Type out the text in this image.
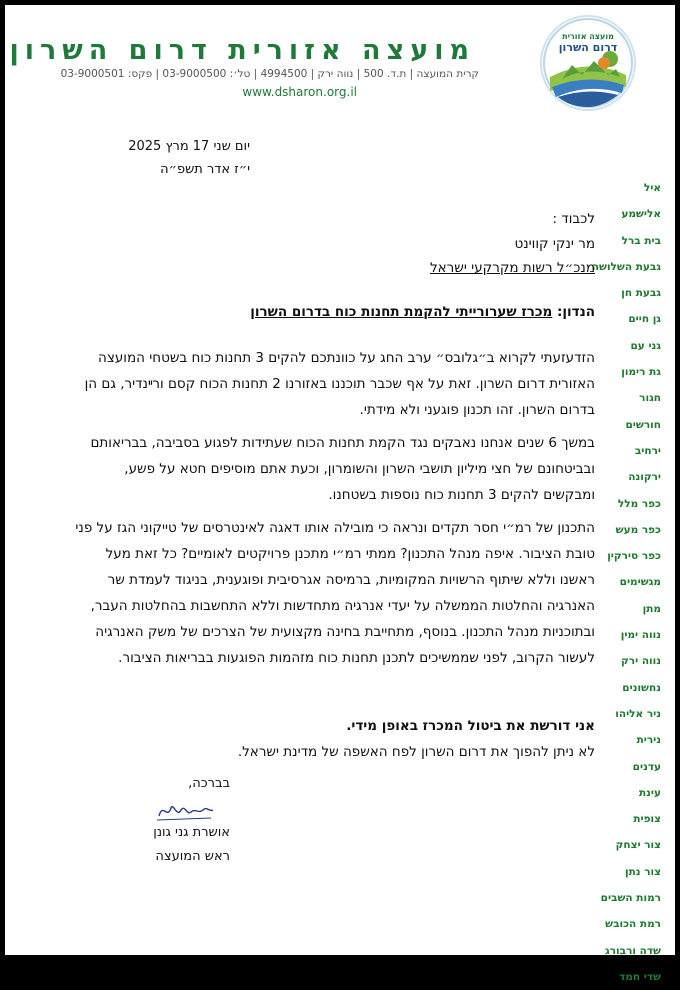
מועצה אזורית
דרום השרון
מועצה אזורית דרום השרון
קרית המועצה | ת.ד. 500 | נווה ירק | 4994500 | טל׳: 03-9000500 | פקס: 03-9000501
www.dsharon.org.il
יום שני 17 מרץ 2025
י״ז אדר תשפ״ה
איל
אלישמע
בית ברל
גבעת השלושה
גבעת חן
גן חיים
גני עם
גת רימון
חגור
חורשים
ירחיב
ירקונה
כפר מלל
כפר מעש
כפר סירקין
מגשימים
מתן
נווה ימין
נווה ירק
נחשונים
ניר אליהו
נירית
עדנים
עינת
צופית
צור יצחק
צור נתן
רמות השבים
רמת הכובש
שדה ורבורג
שדי חמד
לכבוד :
מר ינקי קווינט
מנכ״ל רשות מקרקעי ישראל
הנדון: מכרז שערורייתי להקמת תחנות כוח בדרום השרון
הזדעזעתי לקרוא ב״גלובס״ ערב החג על כוונתכם להקים 3 תחנות כוח בשטחי המועצה האזורית דרום השרון. זאת על אף שכבר תוכננו באזורנו 2 תחנות הכוח קסם ורײנדיר, גם הן בדרום השרון. זהו תכנון פוגעני ולא מידתי.
במשך 6 שנים אנחנו נאבקים נגד הקמת תחנות הכוח שעתידות לפגוע בסביבה, בבריאותם ובביטחונם של חצי מיליון תושבי השרון והשומרון, וכעת אתם מוסיפים חטא על פשע, ומבקשים להקים 3 תחנות כוח נוספות בשטחנו.
התכנון של רמ״י חסר תקדים ונראה כי מובילה אותו דאגה לאינטרסים של טייקוני הגז על פני טובת הציבור. איפה מנהל התכנון? ממתי רמ״י מתכנן פרויקטים לאומיים? כל זאת מעל ראשנו וללא שיתוף הרשויות המקומיות, ברמיסה אגרסיבית ופוגענית, בניגוד לעמדת שר האנרגיה והחלטות הממשלה על יעדי אנרגיה מתחדשות וללא התחשבות בהחלטות העבר, ובתוכניות מנהל התכנון. בנוסף, מתחייבת בחינה מקצועית של הצרכים של משק האנרגיה לעשור הקרוב, לפני שממשיכים לתכנן תחנות כוח מזהמות הפוגעות בבריאות הציבור.
אני דורשת את ביטול המכרז באופן מידי.
לא ניתן להפוך את דרום השרון לפח האשפה של מדינת ישראל.
בברכה,
אושרת גני גונן
ראש המועצה
